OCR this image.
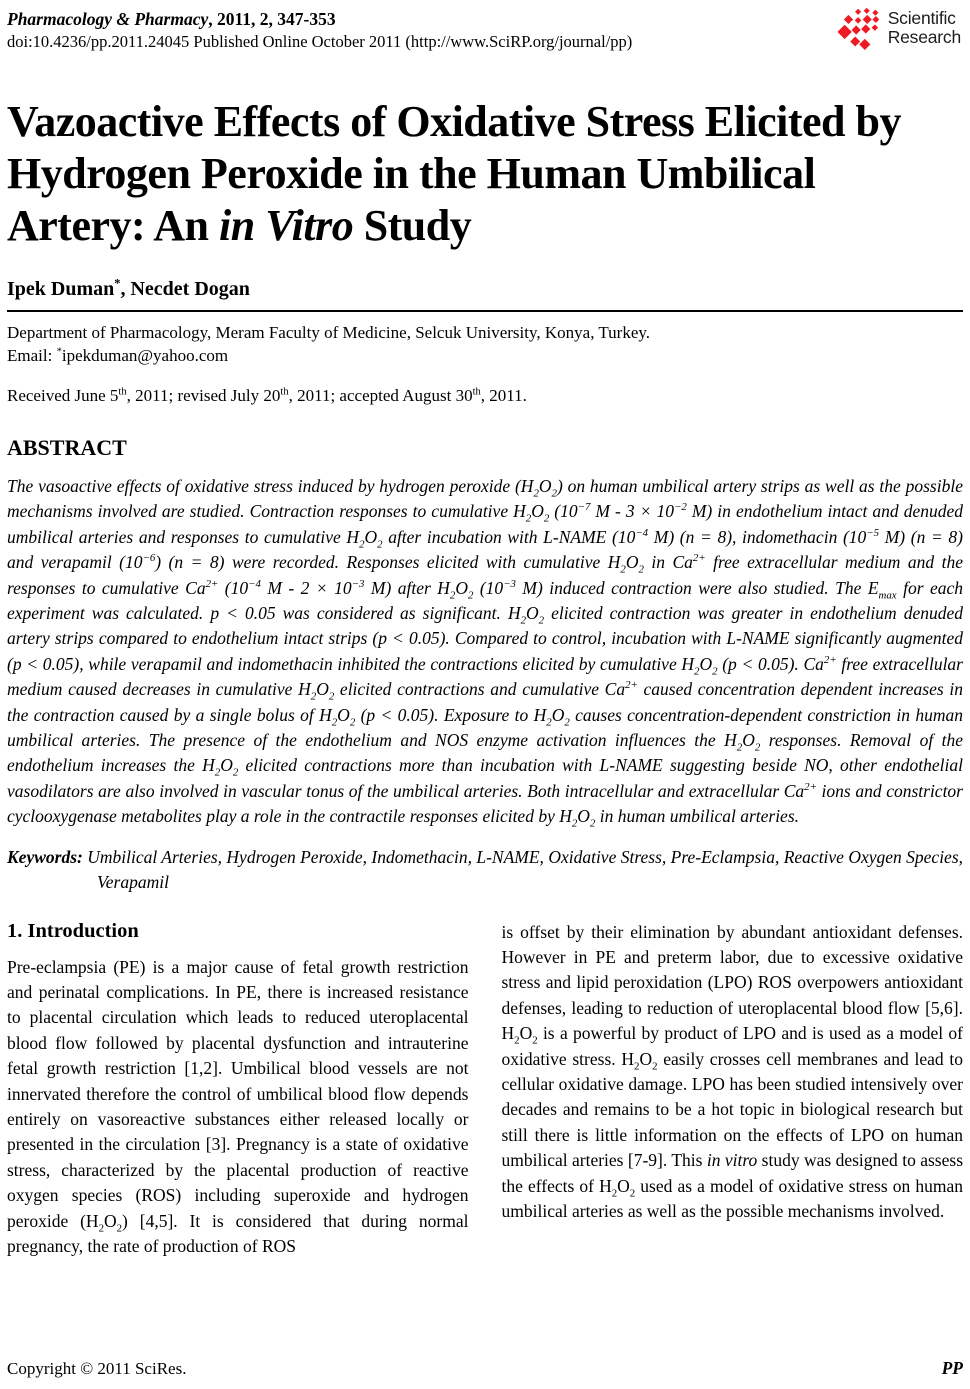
Pharmacology & Pharmacy, 2011, 2, 347-353
doi:10.4236/pp.2011.24045 Published Online October 2011 (http://www.SciRP.org/journal/pp)
Scientific
Research
Vazoactive Effects of Oxidative Stress Elicited by Hydrogen Peroxide in the Human Umbilical Artery: An in Vitro Study
Ipek Duman*, Necdet Dogan
Department of Pharmacology, Meram Faculty of Medicine, Selcuk University, Konya, Turkey.
Email: *ipekduman@yahoo.com
Received June 5th, 2011; revised July 20th, 2011; accepted August 30th, 2011.
ABSTRACT

The vasoactive effects of oxidative stress induced by hydrogen peroxide $(H_2O_2)$ on human umbilical artery strips as well as the possible mechanisms involved are studied. Contraction responses to cumulative $H_2O_2$ ($10^{-7}$ $M - 3 \times 10^{-2}$ M) in endothelium intact and denuded umbilical arteries and responses to cumulative $H_2O_2$ after incubation with L-NAME ($10^{-4}$ M) (n = 8), indomethacin ($10^{-5}$ M) (n = 8) and verapamil $(10^{-6}) (n = 8)$ were recorded. Responses elicited with cumulative $H_2O_2$ in $Ca^{2+}$ free extracellular medium and the responses to cumulative $Ca^{2+}$ ($10^{-4}$ $M - 2 \times 10^{-3}$ M) after $H_2O_2$ ($10^{-3}$ M) induced contraction were also studied. The $E_{max}$ for each experiment was calculated. p < 0.05 was considered as significant. $H_2O_2$ elicited contraction was greater in endothelium denuded artery strips compared to endothelium intact strips (p < 0.05). Compared to control, incubation with L-NAME significantly augmented (p < 0.05), while verapamil and indomethacin inhibited the contractions elicited by cumulative $H_2O_2$ (p < 0.05). $Ca^{2+}$ free extracellular medium caused decreases in cumulative $H_2O_2$ elicited contractions and cumulative $Ca^{2+}$ caused concentration dependent increases in the contraction caused by a single bolus of $H_2O_2$ (p < 0.05). Exposure to $H_2O_2$ causes concentration-dependent constriction in human umbilical arteries. The presence of the endothelium and NOS enzyme activation influences the $H_2O_2$ responses. Removal of the endothelium increases the $H_2O_2$ elicited contractions more than incubation with L-NAME suggesting beside NO, other endothelial vasodilators are also involved in vascular tonus of the umbilical arteries. Both intracellular and extracellular $Ca^{2+}$ ions and constrictor cyclooxygenase metabolites play a role in the contractile responses elicited by $H_2O_2$ in human umbilical arteries.

Keywords: Umbilical Arteries, Hydrogen Peroxide, Indomethacin, L-NAME, Oxidative Stress, Pre-Eclampsia, Reactive Oxygen Species, Verapamil

1. Introduction

Pre-eclampsia (PE) is a major cause of fetal growth restriction and perinatal complications. In PE, there is increased resistance to placental circulation which leads to reduced uteroplacental blood flow followed by placental dysfunction and intrauterine fetal growth restriction [1,2]. Umbilical blood vessels are not innervated therefore the control of umbilical blood flow depends entirely on vasoreactive substances either released locally or presented in the circulation [3]. Pregnancy is a state of oxidative stress, characterized by the placental production of reactive oxygen species (ROS) including superoxide and hydrogen peroxide $(H_2O_2)$ [4,5]. It is considered that during normal pregnancy, the rate of production of ROS

is offset by their elimination by abundant antioxidant defenses. However in PE and preterm labor, due to excessive oxidative stress and lipid peroxidation (LPO) ROS overpowers antioxidant defenses, leading to reduction of uteroplacental blood flow [5,6]. $H_2O_2$ is a powerful by product of LPO and is used as a model of oxidative stress. $H_2O_2$ easily crosses cell membranes and lead to cellular oxidative damage. LPO has been studied intensively over decades and remains to be a hot topic in biological research but still there is little information on the effects of LPO on human umbilical arteries [7-9]. This in vitro study was designed to assess the effects of $H_2O_2$ used as a model of oxidative stress on human umbilical arteries as well as the possible mechanisms involved.

Copyright © 2011 SciRes.	PP
